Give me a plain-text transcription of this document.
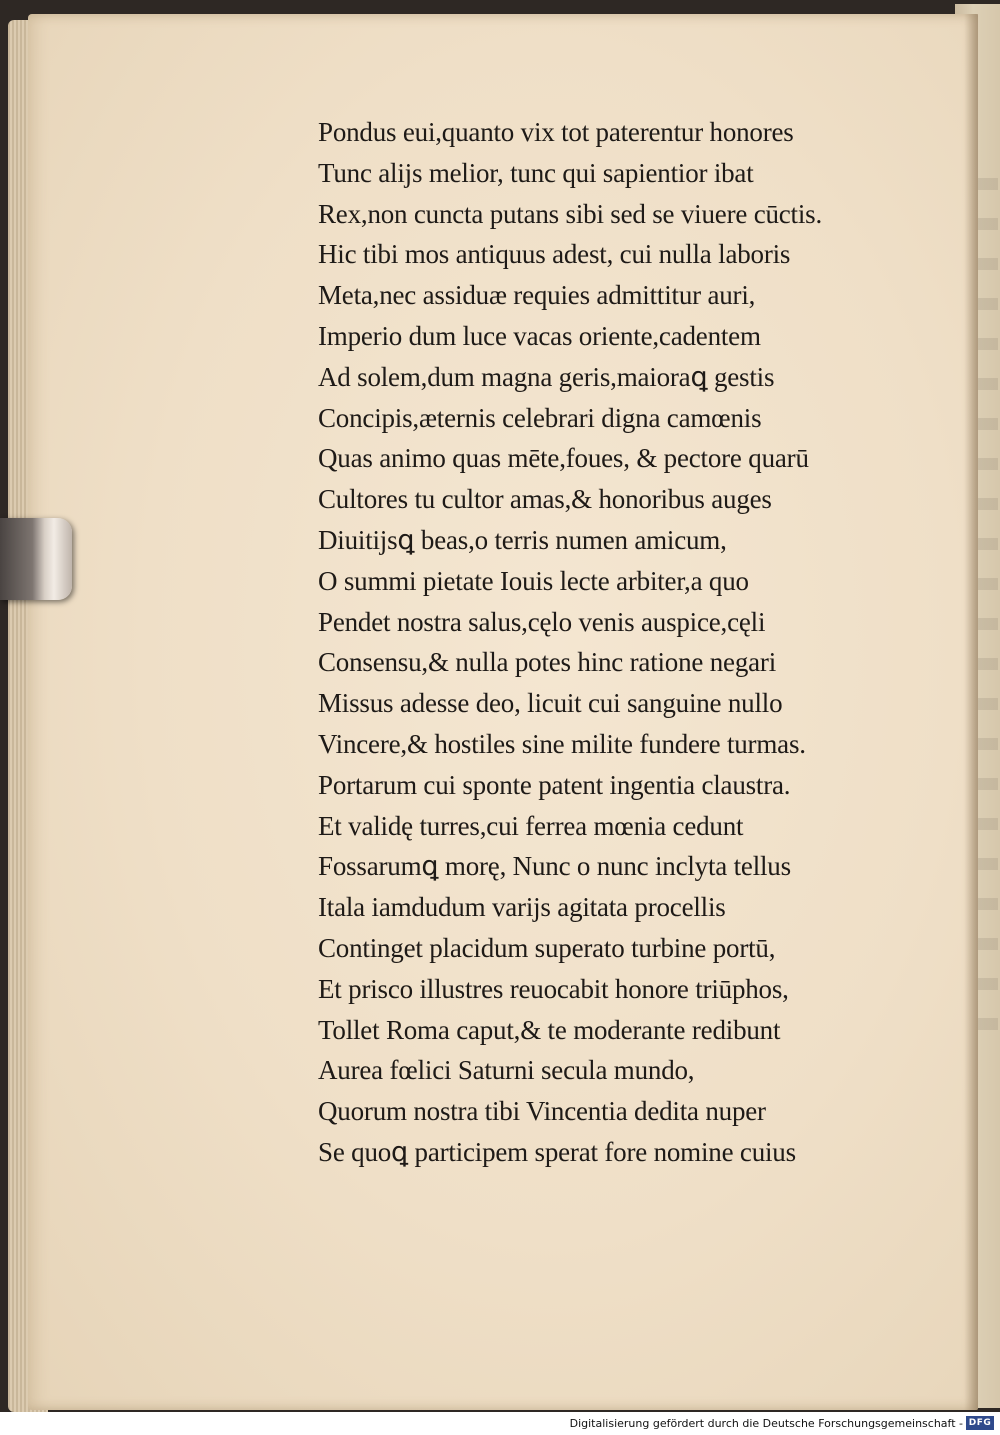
Pondus eui,quanto vix tot paterentur honores
Tunc alijs melior, tunc qui sapientior ibat
Rex,non cuncta putans sibi sed se viuere cūctis.
Hic tibi mos antiquus adest, cui nulla laboris
Meta,nec assiduæ requies admittitur auri,
Imperio dum luce vacas oriente,cadentem
Ad solem,dum magna geris,maioraꝗ gestis
Concipis,æternis celebrari digna camœnis
Quas animo quas mēte,foues, & pectore quarū
Cultores tu cultor amas,& honoribus auges
Diuitijsꝗ beas,o terris numen amicum,
O summi pietate Iouis lecte arbiter,a quo
Pendet nostra salus,cęlo venis auspice,cęli
Consensu,& nulla potes hinc ratione negari
Missus adesse deo, licuit cui sanguine nullo
Vincere,& hostiles sine milite fundere turmas.
Portarum cui sponte patent ingentia claustra.
Et validę turres,cui ferrea mœnia cedunt
Fossarumꝗ morę, Nunc o nunc inclyta tellus
Itala iamdudum varijs agitata procellis
Continget placidum superato turbine portū,
Et prisco illustres reuocabit honore triūphos,
Tollet Roma caput,& te moderante redibunt
Aurea fœlici Saturni secula mundo,
Quorum nostra tibi Vincentia dedita nuper
Se quoꝗ participem sperat fore nomine cuius
Digitalisierung gefördert durch die Deutsche Forschungsgemeinschaft - DFG
